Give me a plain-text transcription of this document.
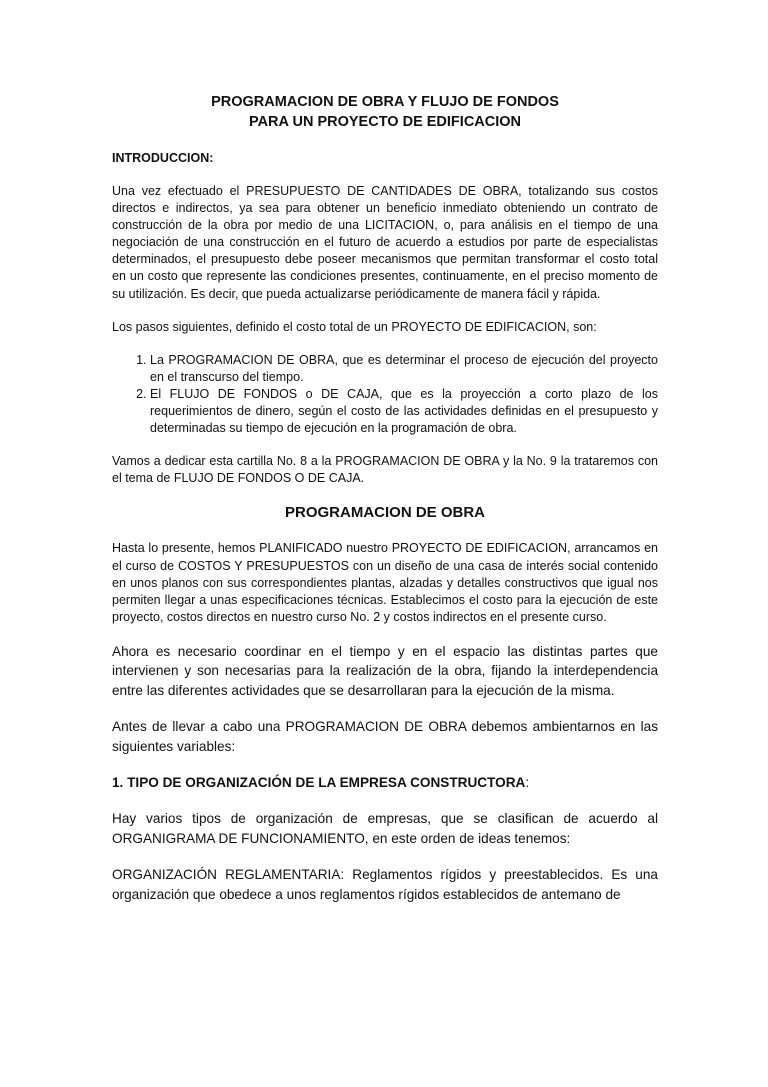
PROGRAMACION DE OBRA Y FLUJO DE FONDOS
PARA UN PROYECTO DE EDIFICACION
INTRODUCCION:

Una vez efectuado el PRESUPUESTO DE CANTIDADES DE OBRA, totalizando sus costos directos e indirectos, ya sea para obtener un beneficio inmediato obteniendo un contrato de construcción de la obra por medio de una LICITACION, o, para análisis en el tiempo de una negociación de una construcción en el futuro de acuerdo a estudios por parte de especialistas determinados, el presupuesto debe poseer mecanismos que permitan transformar el costo total en un costo que represente las condiciones presentes, continuamente, en el preciso momento de su utilización. Es decir, que pueda actualizarse periódicamente de manera fácil y rápida.

Los pasos siguientes, definido el costo total de un PROYECTO DE EDIFICACION, son:

1. La PROGRAMACION DE OBRA, que es determinar el proceso de ejecución del proyecto en el transcurso del tiempo.
2. El FLUJO DE FONDOS o DE CAJA, que es la proyección a corto plazo de los requerimientos de dinero, según el costo de las actividades definidas en el presupuesto y determinadas su tiempo de ejecución en la programación de obra.

Vamos a dedicar esta cartilla No. 8 a la PROGRAMACION DE OBRA y la No. 9 la trataremos con el tema de FLUJO DE FONDOS O DE CAJA.

PROGRAMACION DE OBRA

Hasta lo presente, hemos PLANIFICADO nuestro PROYECTO DE EDIFICACION, arrancamos en el curso de COSTOS Y PRESUPUESTOS con un diseño de una casa de interés social contenido en unos planos con sus correspondientes plantas, alzadas y detalles constructivos que igual nos permiten llegar a unas especificaciones técnicas. Establecimos el costo para la ejecución de este proyecto, costos directos en nuestro curso No. 2 y costos indirectos en el presente curso.

Ahora es necesario coordinar en el tiempo y en el espacio las distintas partes que intervienen y son necesarias para la realización de la obra, fijando la interdependencia entre las diferentes actividades que se desarrollaran para la ejecución de la misma.

Antes de llevar a cabo una PROGRAMACION DE OBRA debemos ambientarnos en las siguientes variables:

1. TIPO DE ORGANIZACIÓN DE LA EMPRESA CONSTRUCTORA:

Hay varios tipos de organización de empresas, que se clasifican de acuerdo al ORGANIGRAMA DE FUNCIONAMIENTO, en este orden de ideas tenemos:

ORGANIZACIÓN REGLAMENTARIA: Reglamentos rígidos y preestablecidos. Es una organización que obedece a unos reglamentos rígidos establecidos de antemano de
